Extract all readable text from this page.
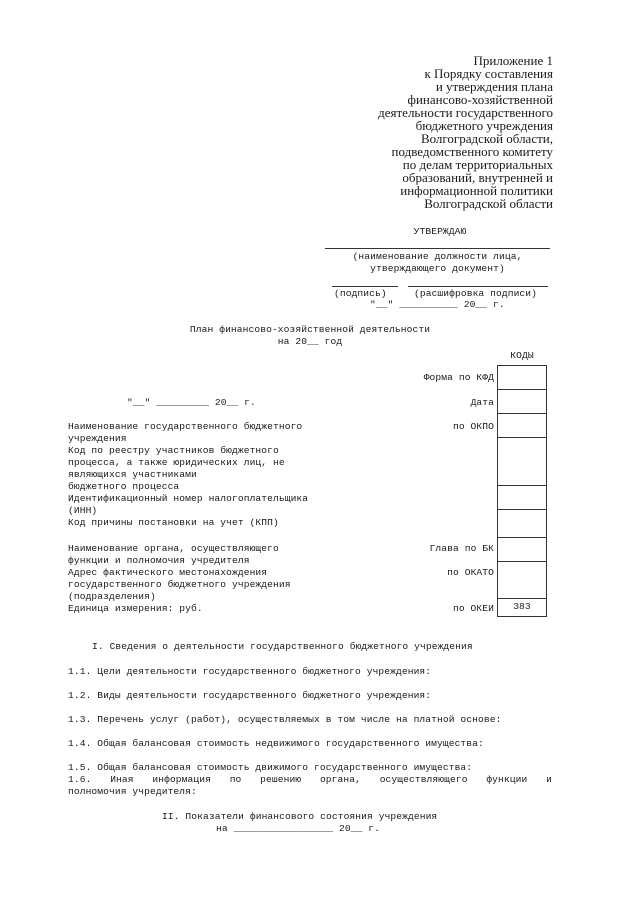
Приложение 1
к Порядку составления
и утверждения плана
финансово-хозяйственной
деятельности государственного
бюджетного учреждения
Волгоградской области,
подведомственного комитету
по делам территориальных
образований, внутренней и
информационной политики
Волгоградской области
УТВЕРЖДАЮ
(наименование должности лица,
утверждающего документ)
(подпись)	(расшифровка подписи)
"__" __________ 20__ г.
План финансово-хозяйственной деятельности
на 20__ год
КОДЫ
383
Форма по КФД
Дата
по ОКПО
Глава по БК
по ОКАТО
по ОКЕИ
"__" _________ 20__ г.
Наименование государственного бюджетного
учреждения
Код по реестру участников бюджетного
процесса, а также юридических лиц, не
являющихся участниками
бюджетного процесса
Идентификационный номер налогоплательщика
(ИНН)
Код причины постановки на учет (КПП)
Наименование органа, осуществляющего
функции и полномочия учредителя
Адрес фактического местонахождения
государственного бюджетного учреждения
(подразделения)
Единица измерения: руб.
I. Сведения о деятельности государственного бюджетного учреждения
1.1. Цели деятельности государственного бюджетного учреждения:
1.2. Виды деятельности государственного бюджетного учреждения:
1.3. Перечень услуг (работ), осуществляемых в том числе на платной основе:
1.4. Общая балансовая стоимость недвижимого государственного имущества:
1.5. Общая балансовая стоимость движимого государственного имущества:
1.6. Иная информация по решению органа, осуществляющего функции и
полномочия учредителя:
II. Показатели финансового состояния учреждения
на _________________ 20__ г.
